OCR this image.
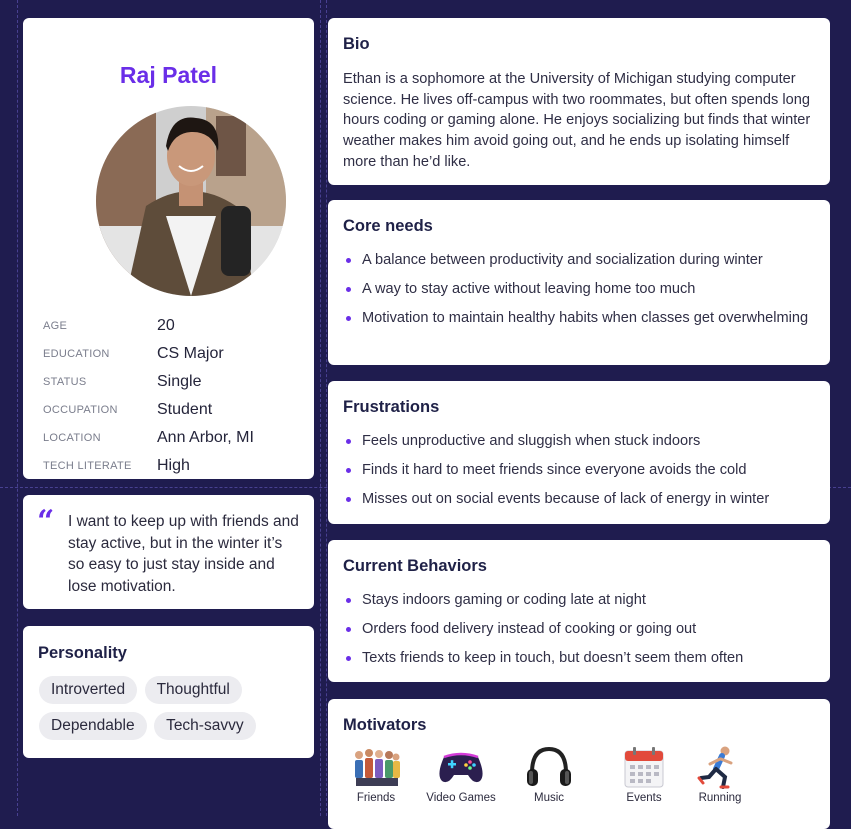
Raj Patel
AGE	20
EDUCATION	CS Major
STATUS	Single
OCCUPATION Student
LOCATION	Ann Arbor, MI
TECH LITERATE High
“ I want to keep up with friends and stay active, but in the winter it’s so easy to just stay inside and lose motivation.
Personality
Introverted Thoughtful Dependable Tech-savvy
Bio
Ethan is a sophomore at the University of Michigan studying computer science. He lives off-campus with two roommates, but often spends long hours coding or gaming alone. He enjoys socializing but finds that winter weather makes him avoid going out, and he ends up isolating himself more than he’d like.
Core needs
A balance between productivity and socialization during winter
A way to stay active without leaving home too much
Motivation to maintain healthy habits when classes get overwhelming
Frustrations
Feels unproductive and sluggish when stuck indoors
Finds it hard to meet friends since everyone avoids the cold
Misses out on social events because of lack of energy in winter
Current Behaviors
Stays indoors gaming or coding late at night
Orders food delivery instead of cooking or going out
Texts friends to keep in touch, but doesn’t seem them often
Motivators
Friends	Video Games	Music	Events	Running
